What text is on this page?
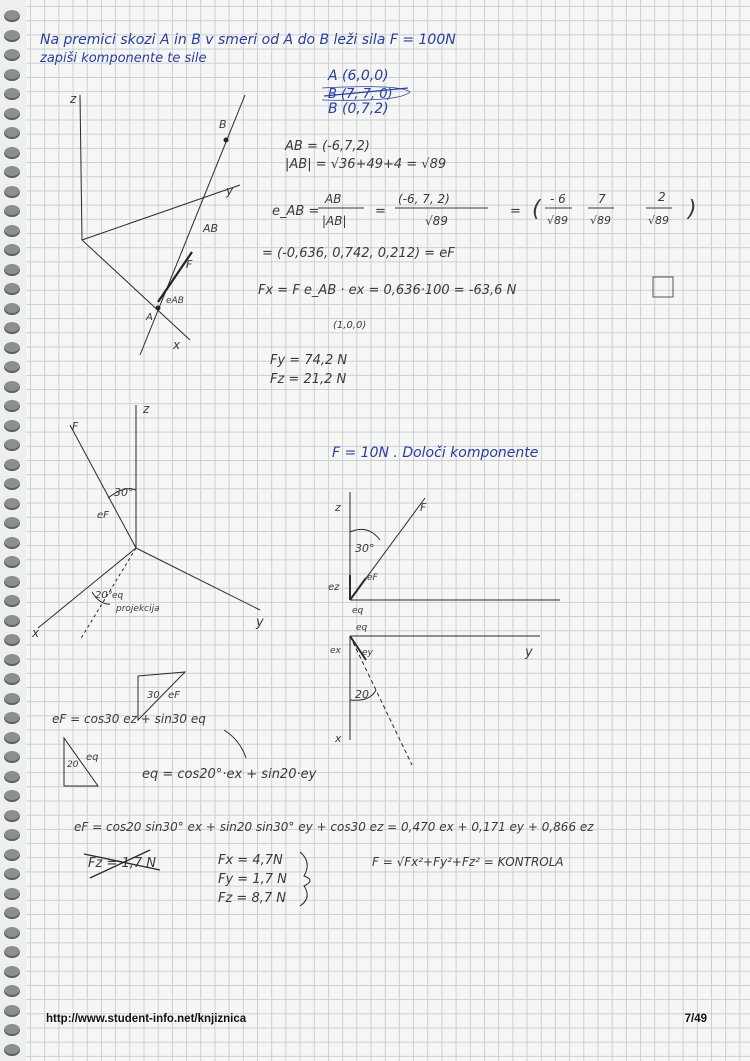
Na premici skozi A in B v smeri od A do B leži sila F = 100N
zapiši komponente te sile
A (6,0,0)
B (7, 7, 0)
B (0,7,2)
AB = (-6,7,2)
|AB| = √36+49+4 = √89
e_AB =
AB
|AB|
=
(-6, 7, 2)
√89
= ( - 6
√89
7
√89
2
√89 )
= (-0,636, 0,742, 0,212) = eF
Fx = F e_AB · ex = 0,636·100 = -63,6 N
(1,0,0)
Fy = 74,2 N
Fz = 21,2 N
z
y
x
A
B
AB
F
eAB
F = 10N . Določi komponente
z
F
30°
eF
20° eq
projekcija
y
x
z	F
30°
eF
ez
eq
eq
ex ey
20
y
x
30 eF
eF = cos30 ez + sin30 eq
20
eq
eq = cos20°·ex + sin20·ey
eF = cos20 sin30° ex + sin20 sin30° ey + cos30 ez = 0,470 ex + 0,171 ey + 0,866 ez
Fz = 1,7 N	Fx = 4,7N
Fy = 1,7 N
Fz = 8,7 N
F = √Fx²+Fy²+Fz² = KONTROLA
http://www.student-info.net/knjiznica	7/49
